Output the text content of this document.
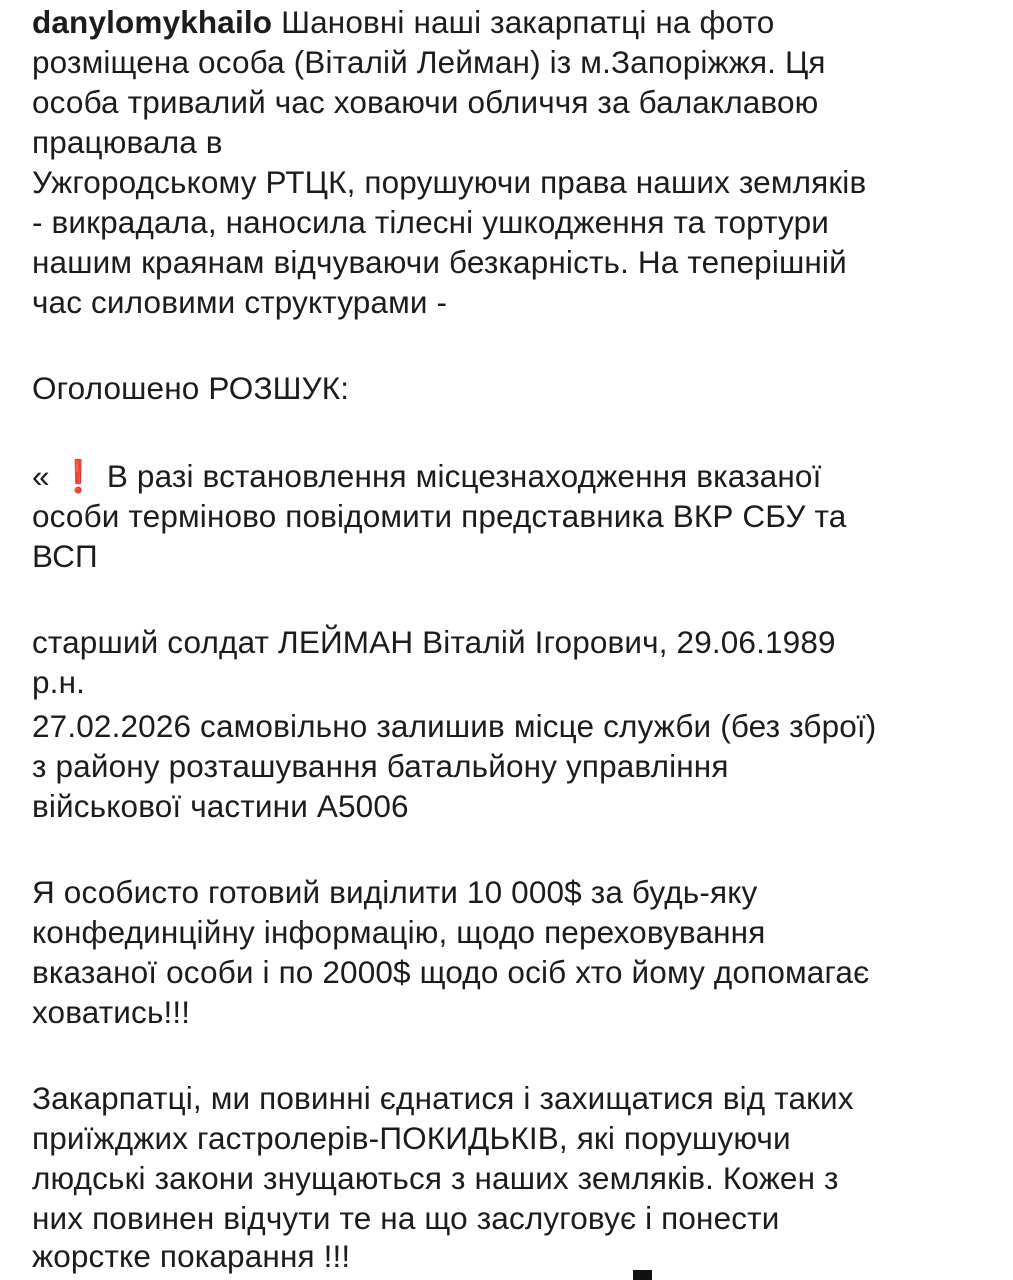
danylomykhailo Шановні наші закарпатці на фото
розміщена особа (Віталій Лейман) із м.Запоріжжя. Ця
особа тривалий час ховаючи обличчя за балаклавою
працювала в
Ужгородському РТЦК, порушуючи права наших земляків
- викрадала, наносила тілесні ушкодження та тортури
нашим краянам відчуваючи безкарність. На теперішній
час силовими структурами -
Оголошено РОЗШУК:
« ❗ В разі встановлення місцезнаходження вказаної
особи терміново повідомити представника ВКР СБУ та
ВСП
старший солдат ЛЕЙМАН Віталій Ігорович, 29.06.1989
р.н.
27.02.2026 самовільно залишив місце служби (без зброї)
з району розташування батальйону управління
військової частини А5006
Я особисто готовий виділити 10 000$ за будь-яку
конфединційну інформацію, щодо переховування
вказаної особи і по 2000$ щодо осіб хто йому допомагає
ховатись!!!
Закарпатці, ми повинні єднатися і захищатися від таких
приїжджих гастролерів-ПОКИДЬКІВ, які порушуючи
людські закони знущаються з наших земляків. Кожен з
них повинен відчути те на що заслуговує і понести
жорстке покарання !!!
